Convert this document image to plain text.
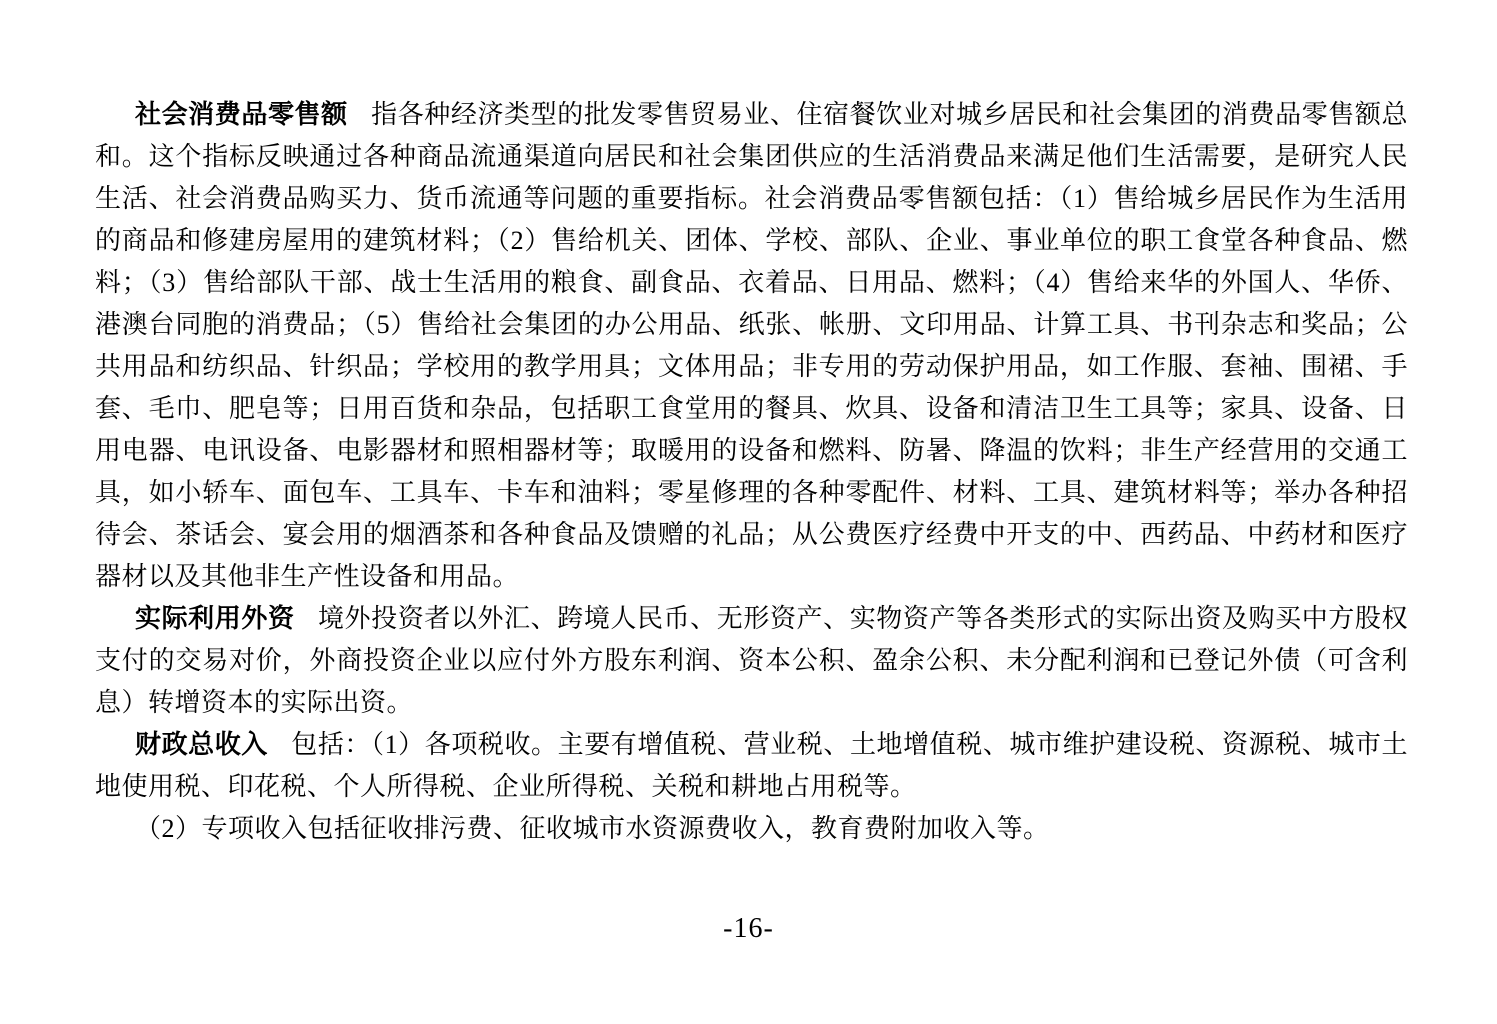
社会消费品零售额 指各种经济类型的批发零售贸易业、住宿餐饮业对城乡居民和社会集团的消费品零售额总和。这个指标反映通过各种商品流通渠道向居民和社会集团供应的生活消费品来满足他们生活需要，是研究人民生活、社会消费品购买力、货币流通等问题的重要指标。社会消费品零售额包括：（1）售给城乡居民作为生活用的商品和修建房屋用的建筑材料；（2）售给机关、团体、学校、部队、企业、事业单位的职工食堂各种食品、燃料；（3）售给部队干部、战士生活用的粮食、副食品、衣着品、日用品、燃料；（4）售给来华的外国人、华侨、港澳台同胞的消费品；（5）售给社会集团的办公用品、纸张、帐册、文印用品、计算工具、书刊杂志和奖品；公共用品和纺织品、针织品；学校用的教学用具；文体用品；非专用的劳动保护用品，如工作服、套袖、围裙、手套、毛巾、肥皂等；日用百货和杂品，包括职工食堂用的餐具、炊具、设备和清洁卫生工具等；家具、设备、日用电器、电讯设备、电影器材和照相器材等；取暖用的设备和燃料、防暑、降温的饮料；非生产经营用的交通工具，如小轿车、面包车、工具车、卡车和油料；零星修理的各种零配件、材料、工具、建筑材料等；举办各种招待会、茶话会、宴会用的烟酒茶和各种食品及馈赠的礼品；从公费医疗经费中开支的中、西药品、中药材和医疗器材以及其他非生产性设备和用品。

实际利用外资 境外投资者以外汇、跨境人民币、无形资产、实物资产等各类形式的实际出资及购买中方股权支付的交易对价，外商投资企业以应付外方股东利润、资本公积、盈余公积、未分配利润和已登记外债（可含利息）转增资本的实际出资。

财政总收入 包括：（1）各项税收。主要有增值税、营业税、土地增值税、城市维护建设税、资源税、城市土地使用税、印花税、个人所得税、企业所得税、关税和耕地占用税等。

（2）专项收入包括征收排污费、征收城市水资源费收入，教育费附加收入等。

-16-
